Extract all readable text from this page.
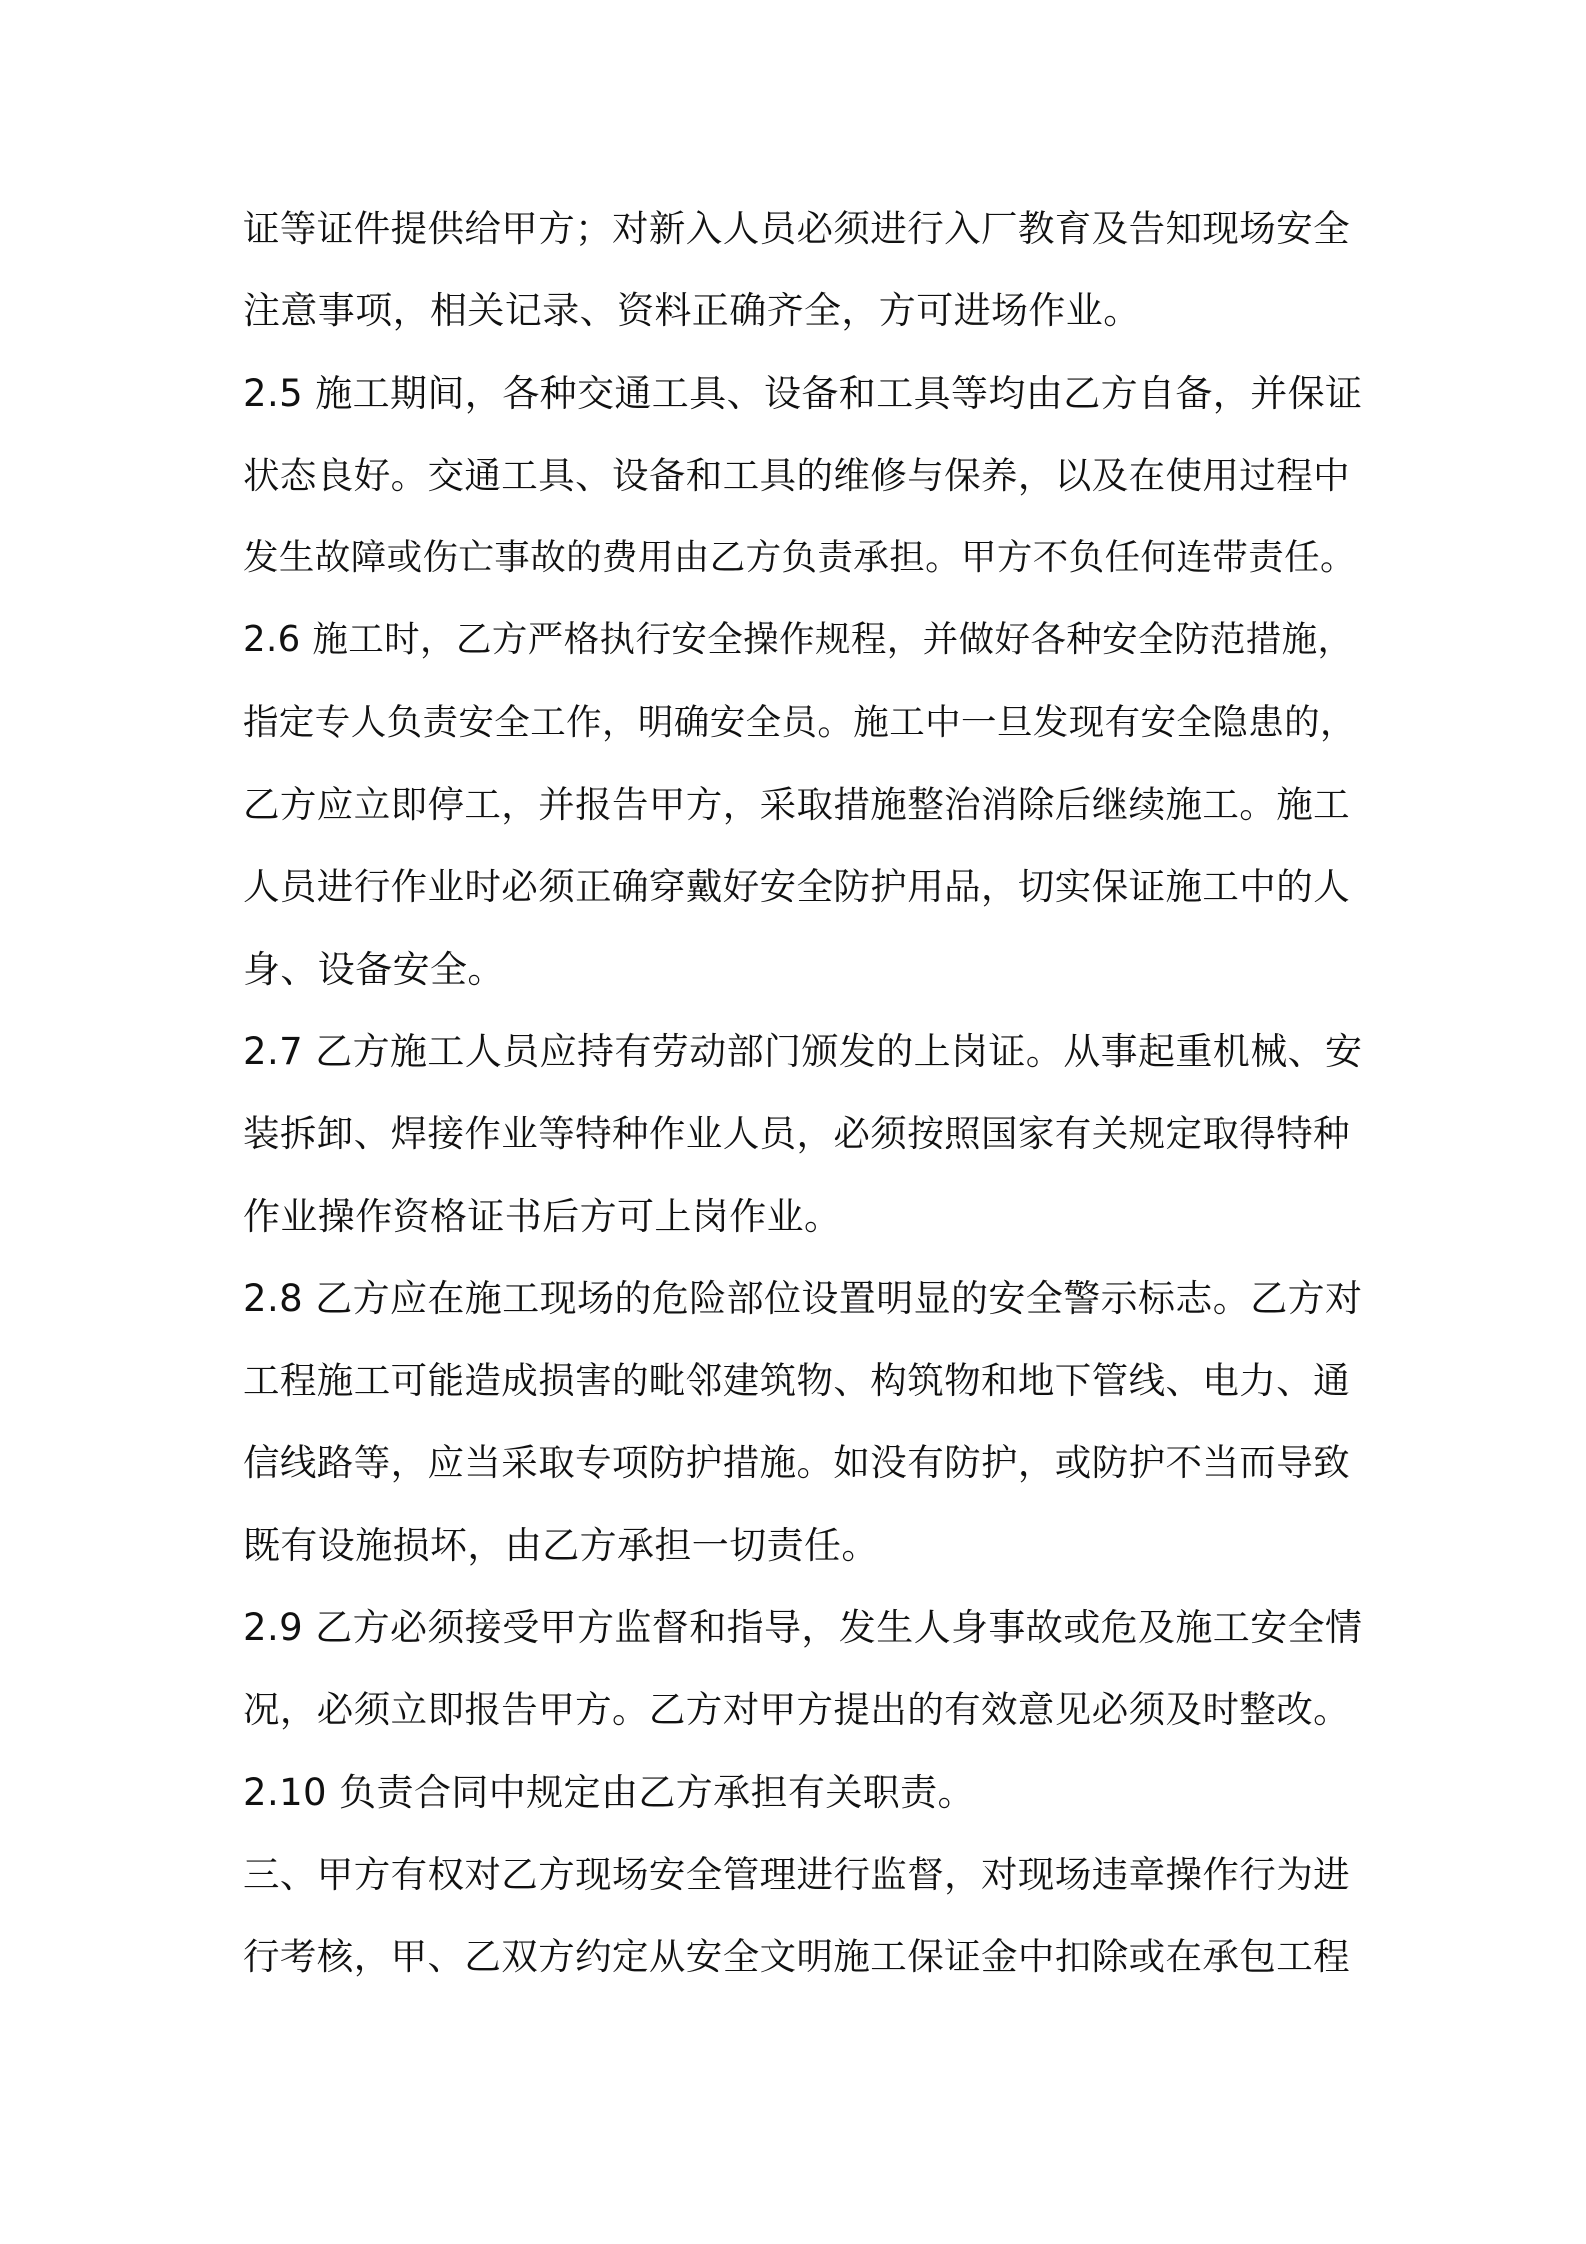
证等证件提供给甲方；对新入人员必须进行入厂教育及告知现场安全
注意事项，相关记录、资料正确齐全，方可进场作业。
2.5 施工期间，各种交通工具、设备和工具等均由乙方自备，并保证
状态良好。交通工具、设备和工具的维修与保养，以及在使用过程中
发生故障或伤亡事故的费用由乙方负责承担。甲方不负任何连带责任。
2.6 施工时，乙方严格执行安全操作规程，并做好各种安全防范措施，
指定专人负责安全工作，明确安全员。施工中一旦发现有安全隐患的，
乙方应立即停工，并报告甲方，采取措施整治消除后继续施工。施工
人员进行作业时必须正确穿戴好安全防护用品，切实保证施工中的人
身、设备安全。
2.7 乙方施工人员应持有劳动部门颁发的上岗证。从事起重机械、安
装拆卸、焊接作业等特种作业人员，必须按照国家有关规定取得特种
作业操作资格证书后方可上岗作业。
2.8 乙方应在施工现场的危险部位设置明显的安全警示标志。乙方对
工程施工可能造成损害的毗邻建筑物、构筑物和地下管线、电力、通
信线路等，应当采取专项防护措施。如没有防护，或防护不当而导致
既有设施损坏，由乙方承担一切责任。
2.9 乙方必须接受甲方监督和指导，发生人身事故或危及施工安全情
况，必须立即报告甲方。乙方对甲方提出的有效意见必须及时整改。
2.10 负责合同中规定由乙方承担有关职责。
三、甲方有权对乙方现场安全管理进行监督，对现场违章操作行为进
行考核，甲、乙双方约定从安全文明施工保证金中扣除或在承包工程
